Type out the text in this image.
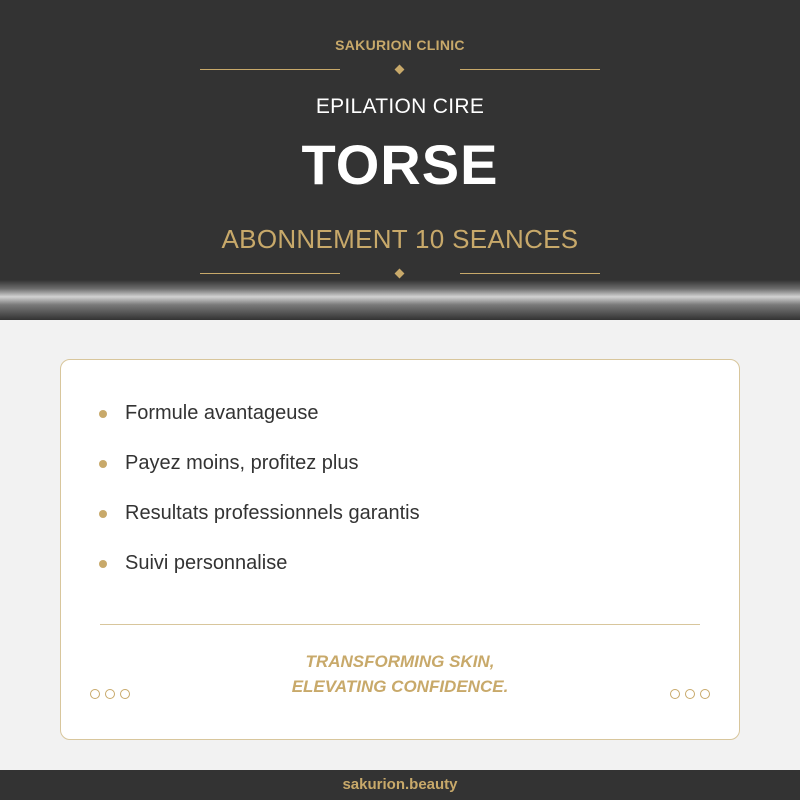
SAKURION CLINIC
EPILATION CIRE
TORSE
ABONNEMENT 10 SEANCES
Formule avantageuse
Payez moins, profitez plus
Resultats professionnels garantis
Suivi personnalise
TRANSFORMING SKIN,
ELEVATING CONFIDENCE.
sakurion.beauty
